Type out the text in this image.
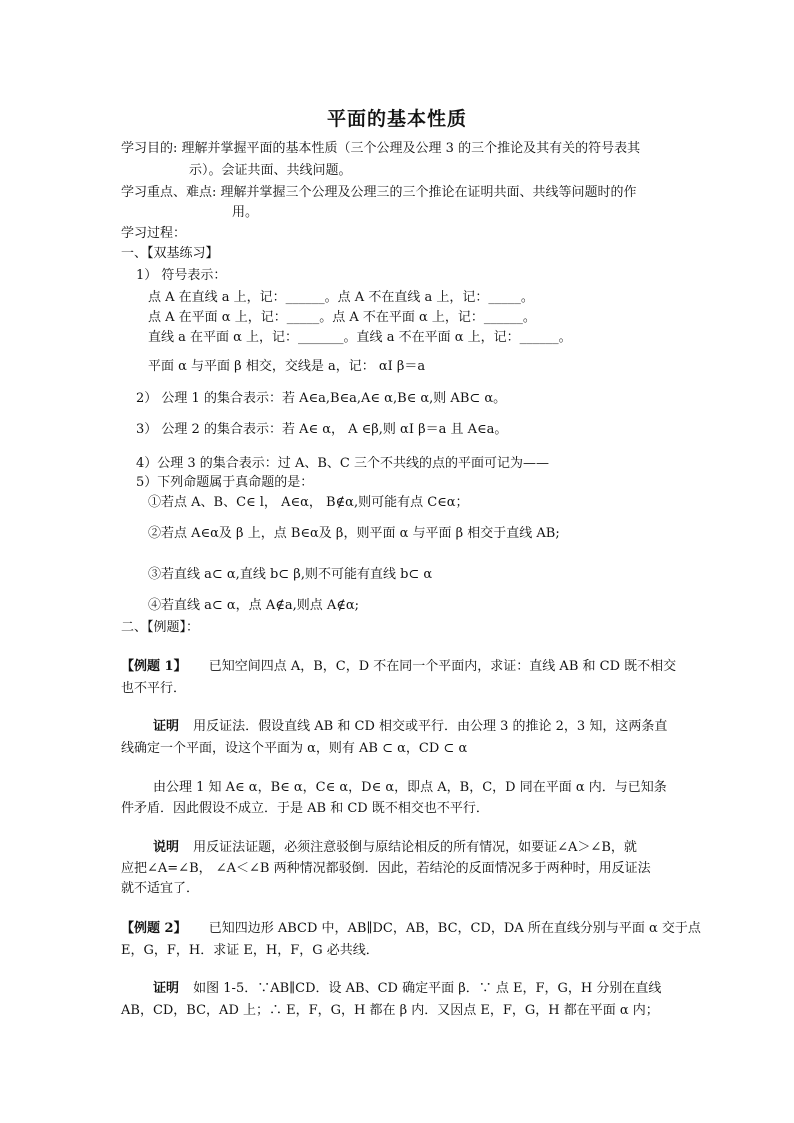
平面的基本性质
学习目的: 理解并掌握平面的基本性质（三个公理及公理 3 的三个推论及其有关的符号表其
示）。会证共面、共线问题。
学习重点、难点: 理解并掌握三个公理及公理三的三个推论在证明共面、共线等问题时的作
用。
学习过程：
一、【双基练习】
1） 符号表示：
点 A 在直线 a 上，记：______。点 A 不在直线 a 上，记：_____。
点 A 在平面 α 上，记：_____。点 A 不在平面 α 上，记：______。
直线 a 在平面 α 上，记：_______。直线 a 不在平面 α 上，记：______。
平面 α 与平面 β 相交，交线是 a，记： αI β＝a
2） 公理 1 的集合表示：若 A∈a,B∈a,A∈ α,B∈ α,则 AB⊂ α。
3） 公理 2 的集合表示：若 A∈ α， A ∈β,则 αI β＝a 且 A∈a。
4）公理 3 的集合表示：过 A、B、C 三个不共线的点的平面可记为——
5）下列命题属于真命题的是：
①若点 A、B、C∈ l， A∈α， B∉α,则可能有点 C∈α；
②若点 A∈α及 β 上，点 B∈α及 β，则平面 α 与平面 β 相交于直线 AB;
③若直线 a⊂ α,直线 b⊂ β,则不可能有直线 b⊂ α
④若直线 a⊂ α，点 A∉a,则点 A∉α;
二、【例题】：
【例题 1】 已知空间四点 A，B，C，D 不在同一个平面内，求证：直线 AB 和 CD 既不相交
也不平行．
证明 用反证法．假设直线 AB 和 CD 相交或平行．由公理 3 的推论 2，3 知，这两条直
线确定一个平面，设这个平面为 α，则有 AB ⊂ α，CD ⊂ α
由公理 1 知 A∈ α，B∈ α，C∈ α，D∈ α，即点 A，B，C，D 同在平面 α 内．与已知条
件矛盾．因此假设不成立．于是 AB 和 CD 既不相交也不平行．
说明 用反证法证题，必须注意驳倒与原结论相反的所有情况，如要证∠A＞∠B，就
应把∠A=∠B， ∠A＜∠B 两种情况都驳倒．因此，若结沦的反面情况多于两种时，用反证法
就不适宜了．
【例题 2】 已知四边形 ABCD 中，AB∥DC，AB，BC，CD，DA 所在直线分别与平面 α 交于点
E，G，F，H．求证 E，H，F，G 必共线．
证明 如图 1-5．∵AB∥CD．设 AB、CD 确定平面 β．∵ 点 E，F，G，H 分别在直线
AB，CD，BC，AD 上；∴ E，F，G，H 都在 β 内．又因点 E，F，G，H 都在平面 α 内；
